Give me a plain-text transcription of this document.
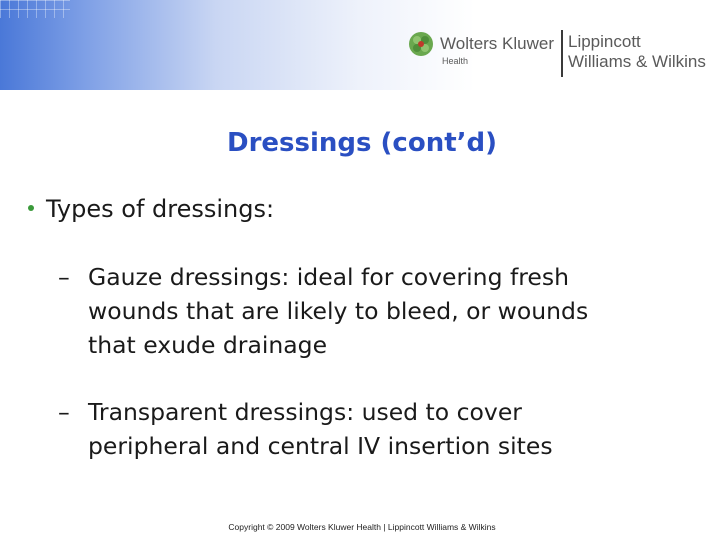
Wolters Kluwer
Health
Lippincott
Williams & Wilkins
Dressings (cont’d)
Types of dressings:
– Gauze dressings: ideal for covering fresh
wounds that are likely to bleed, or wounds
that exude drainage
– Transparent dressings: used to cover
peripheral and central IV insertion sites
Copyright © 2009 Wolters Kluwer Health | Lippincott Williams & Wilkins
